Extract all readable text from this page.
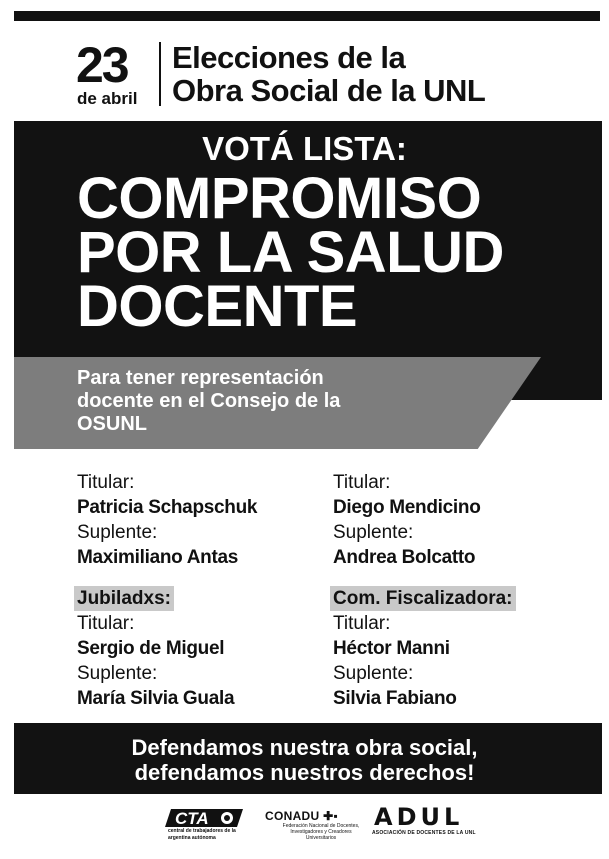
23
de abril
Elecciones de la
Obra Social de la UNL
VOTÁ LISTA:
COMPROMISO
POR LA SALUD
DOCENTE
Para tener representación
docente en el Consejo de la
OSUNL
Titular:
Patricia Schapschuk
Suplente:
Maximiliano Antas
Titular:
Diego Mendicino
Suplente:
Andrea Bolcatto
Jubiladxs:
Titular:
Sergio de Miguel
Suplente:
María Silvia Guala
Com. Fiscalizadora:
Titular:
Héctor Manni
Suplente:
Silvia Fabiano
Defendamos nuestra obra social,
defendamos nuestros derechos!
CTA
central de trabajadores de la argentina autónoma
CONADU ✚▪
Federación Nacional de Docentes, Investigadores y Creadores Universitarios
ADUL
ASOCIACIÓN DE DOCENTES DE LA UNL
